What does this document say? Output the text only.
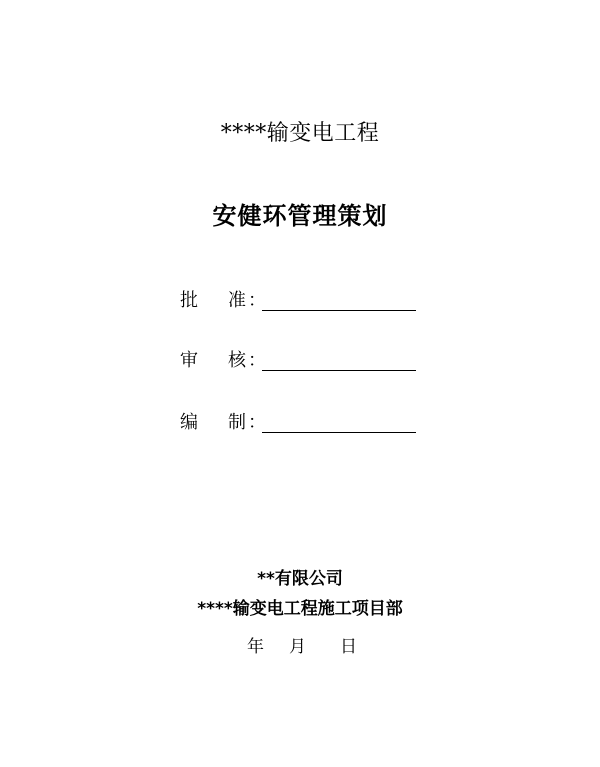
****输变电工程
安健环管理策划
批 准 ：
审 核 ：
编 制 ：
**有限公司
****输变电工程施工项目部
年 月 日
